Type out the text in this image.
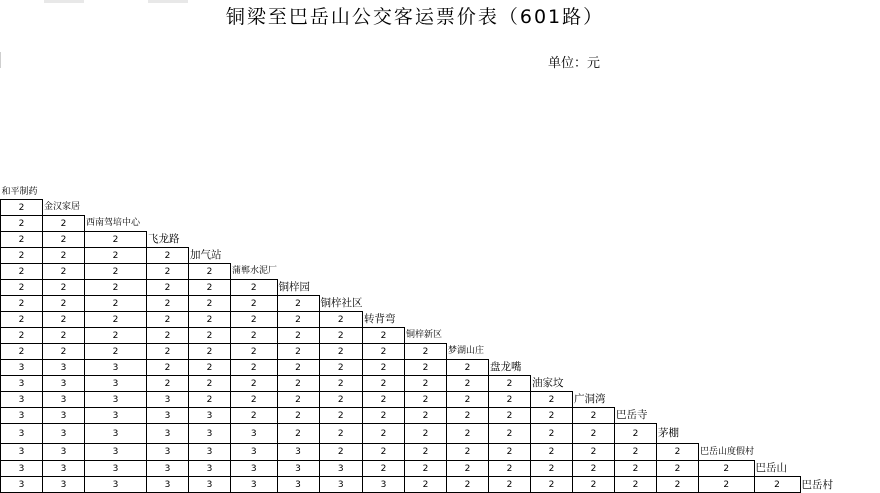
铜梁至巴岳山公交客运票价表（601路）
单位：元
和平制药																		
2	金汉家居																	
2	2	西南驾培中心																
2	2	2	飞龙路															
2	2	2	2	加气站														
2	2	2	2	2	蒲郸水泥厂													
2	2	2	2	2	2	铜梓园												
2	2	2	2	2	2	2	铜梓社区											
2	2	2	2	2	2	2	2	转背弯										
2	2	2	2	2	2	2	2	2	铜梓新区									
2	2	2	2	2	2	2	2	2	2	梦湖山庄								
3	3	3	2	2	2	2	2	2	2	2	盘龙嘴							
3	3	3	2	2	2	2	2	2	2	2	2	油家坟						
3	3	3	3	2	2	2	2	2	2	2	2	2	广洞湾					
3	3	3	3	3	2	2	2	2	2	2	2	2	2	巴岳寺				
3	3	3	3	3	3	2	2	2	2	2	2	2	2	2	茅棚			
3	3	3	3	3	3	3	2	2	2	2	2	2	2	2	2	巴岳山度假村		
3	3	3	3	3	3	3	3	2	2	2	2	2	2	2	2	2	巴岳山	
3	3	3	3	3	3	3	3	3	2	2	2	2	2	2	2	2	2	巴岳村
